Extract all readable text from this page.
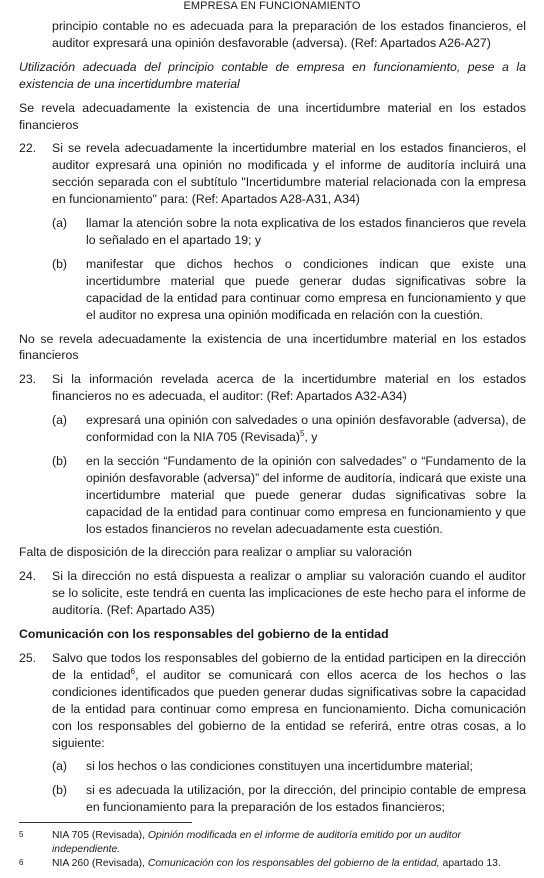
EMPRESA EN FUNCIONAMIENTO

principio contable no es adecuada para la preparación de los estados financieros, el auditor expresará una opinión desfavorable (adversa). (Ref: Apartados A26-A27)

Utilización adecuada del principio contable de empresa en funcionamiento, pese a la existencia de una incertidumbre material

Se revela adecuadamente la existencia de una incertidumbre material en los estados financieros

22. Si se revela adecuadamente la incertidumbre material en los estados financieros, el auditor expresará una opinión no modificada y el informe de auditoría incluirá una sección separada con el subtítulo "Incertidumbre material relacionada con la empresa en funcionamiento" para: (Ref: Apartados A28-A31, A34)
(a) llamar la atención sobre la nota explicativa de los estados financieros que revela lo señalado en el apartado 19; y
(b) manifestar que dichos hechos o condiciones indican que existe una incertidumbre material que puede generar dudas significativas sobre la capacidad de la entidad para continuar como empresa en funcionamiento y que el auditor no expresa una opinión modificada en relación con la cuestión.

No se revela adecuadamente la existencia de una incertidumbre material en los estados financieros

23. Si la información revelada acerca de la incertidumbre material en los estados financieros no es adecuada, el auditor: (Ref: Apartados A32-A34)
(a) expresará una opinión con salvedades o una opinión desfavorable (adversa), de conformidad con la NIA 705 (Revisada)$^5$, y
(b) en la sección “Fundamento de la opinión con salvedades” o “Fundamento de la opinión desfavorable (adversa)” del informe de auditoría, indicará que existe una incertidumbre material que puede generar dudas significativas sobre la capacidad de la entidad para continuar como empresa en funcionamiento y que los estados financieros no revelan adecuadamente esta cuestión.

Falta de disposición de la dirección para realizar o ampliar su valoración

24. Si la dirección no está dispuesta a realizar o ampliar su valoración cuando el auditor se lo solicite, este tendrá en cuenta las implicaciones de este hecho para el informe de auditoría. (Ref: Apartado A35)

Comunicación con los responsables del gobierno de la entidad

25. Salvo que todos los responsables del gobierno de la entidad participen en la dirección de la entidad$^6$, el auditor se comunicará con ellos acerca de los hechos o las condiciones identificados que pueden generar dudas significativas sobre la capacidad de la entidad para continuar como empresa en funcionamiento. Dicha comunicación con los responsables del gobierno de la entidad se referirá, entre otras cosas, a lo siguiente:
(a) si los hechos o las condiciones constituyen una incertidumbre material;
(b) si es adecuada la utilización, por la dirección, del principio contable de empresa en funcionamiento para la preparación de los estados financieros;
5	NIA 705 (Revisada), Opinión modificada en el informe de auditoría emitido por un auditor independiente.
6	NIA 260 (Revisada), Comunicación con los responsables del gobierno de la entidad, apartado 13.
